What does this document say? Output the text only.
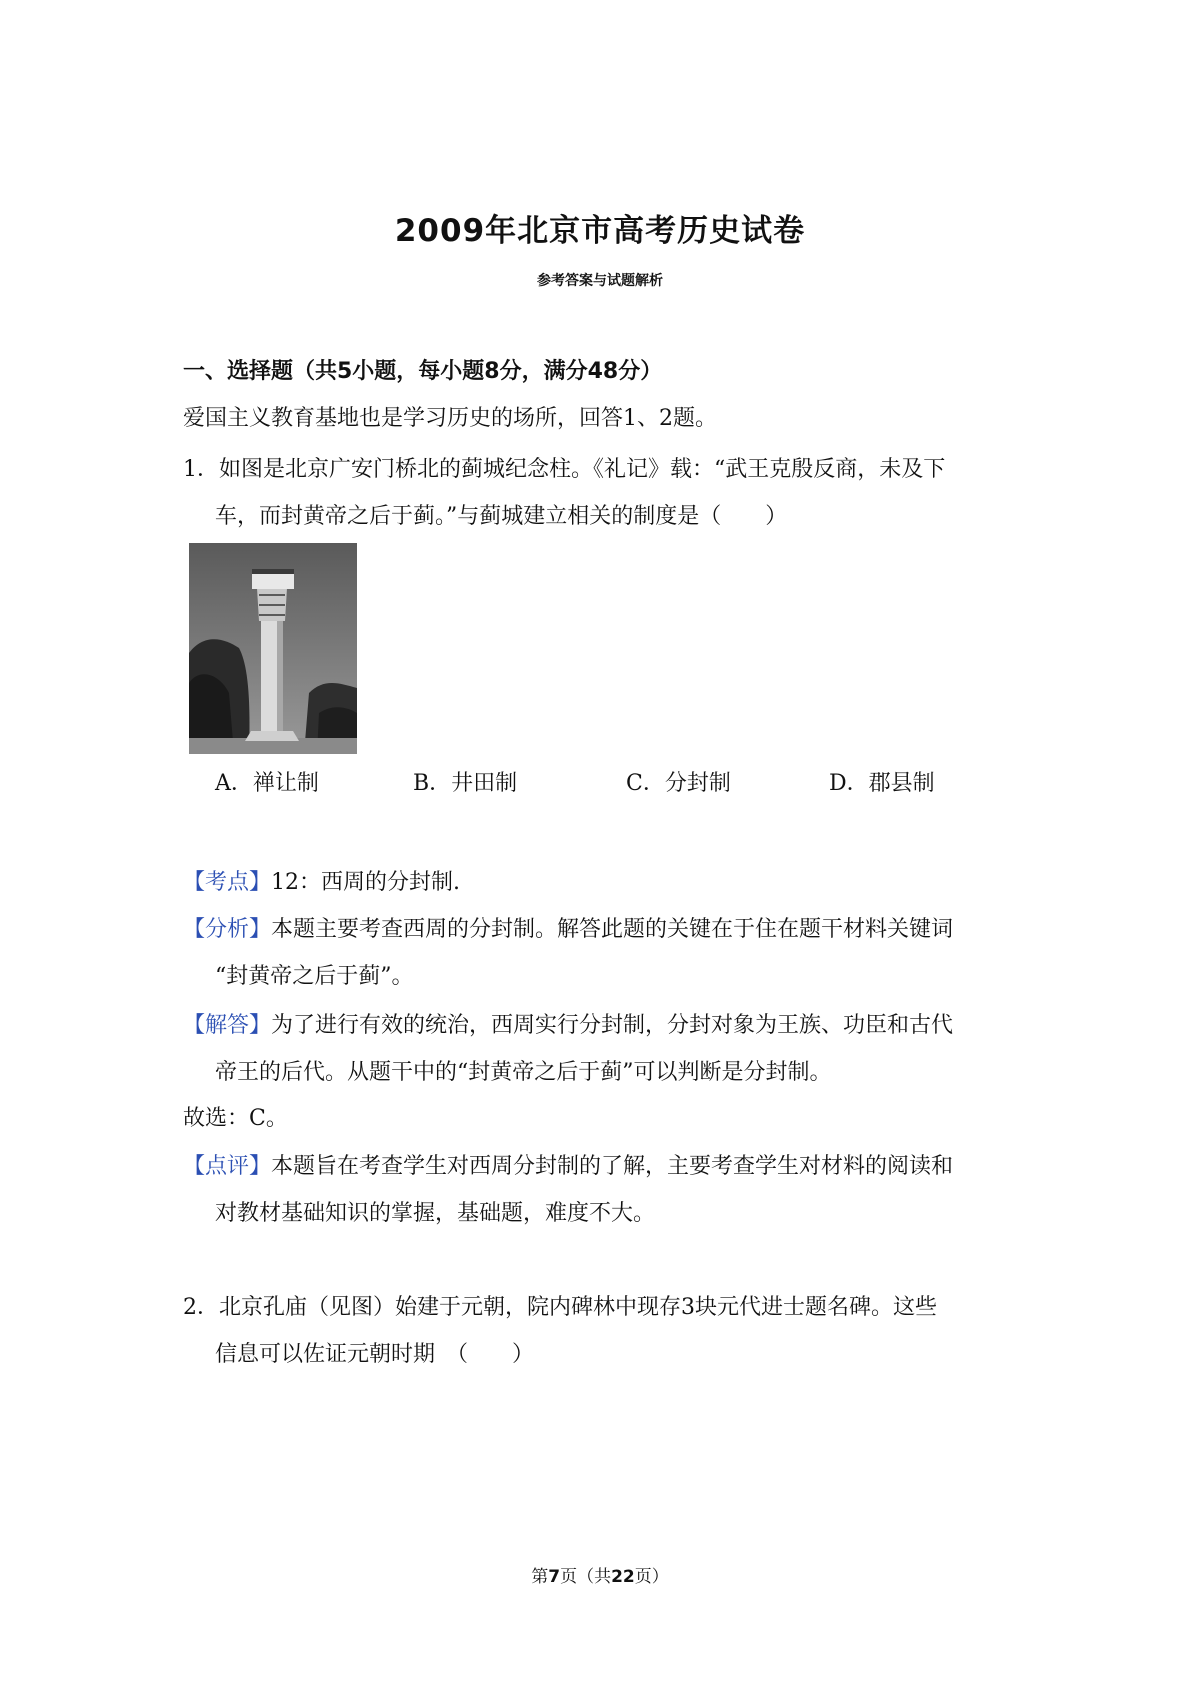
2009年北京市高考历史试卷
参考答案与试题解析
一、选择题（共5小题，每小题8分，满分48分）
爱国主义教育基地也是学习历史的场所，回答1、2题。
1．如图是北京广安门桥北的蓟城纪念柱。《礼记》载：“武王克殷反商，未及下
车，而封黄帝之后于蓟。”与蓟城建立相关的制度是（　　）
A．禅让制	B．井田制	C．分封制	D．郡县制
【考点】12：西周的分封制.
【分析】本题主要考查西周的分封制。解答此题的关键在于住在题干材料关键词
“封黄帝之后于蓟”。
【解答】为了进行有效的统治，西周实行分封制，分封对象为王族、功臣和古代
帝王的后代。从题干中的“封黄帝之后于蓟”可以判断是分封制。
故选：C。
【点评】本题旨在考查学生对西周分封制的了解，主要考查学生对材料的阅读和
对教材基础知识的掌握，基础题，难度不大。
2．北京孔庙（见图）始建于元朝，院内碑林中现存3块元代进士题名碑。这些
信息可以佐证元朝时期　（　　）
第7页（共22页）
